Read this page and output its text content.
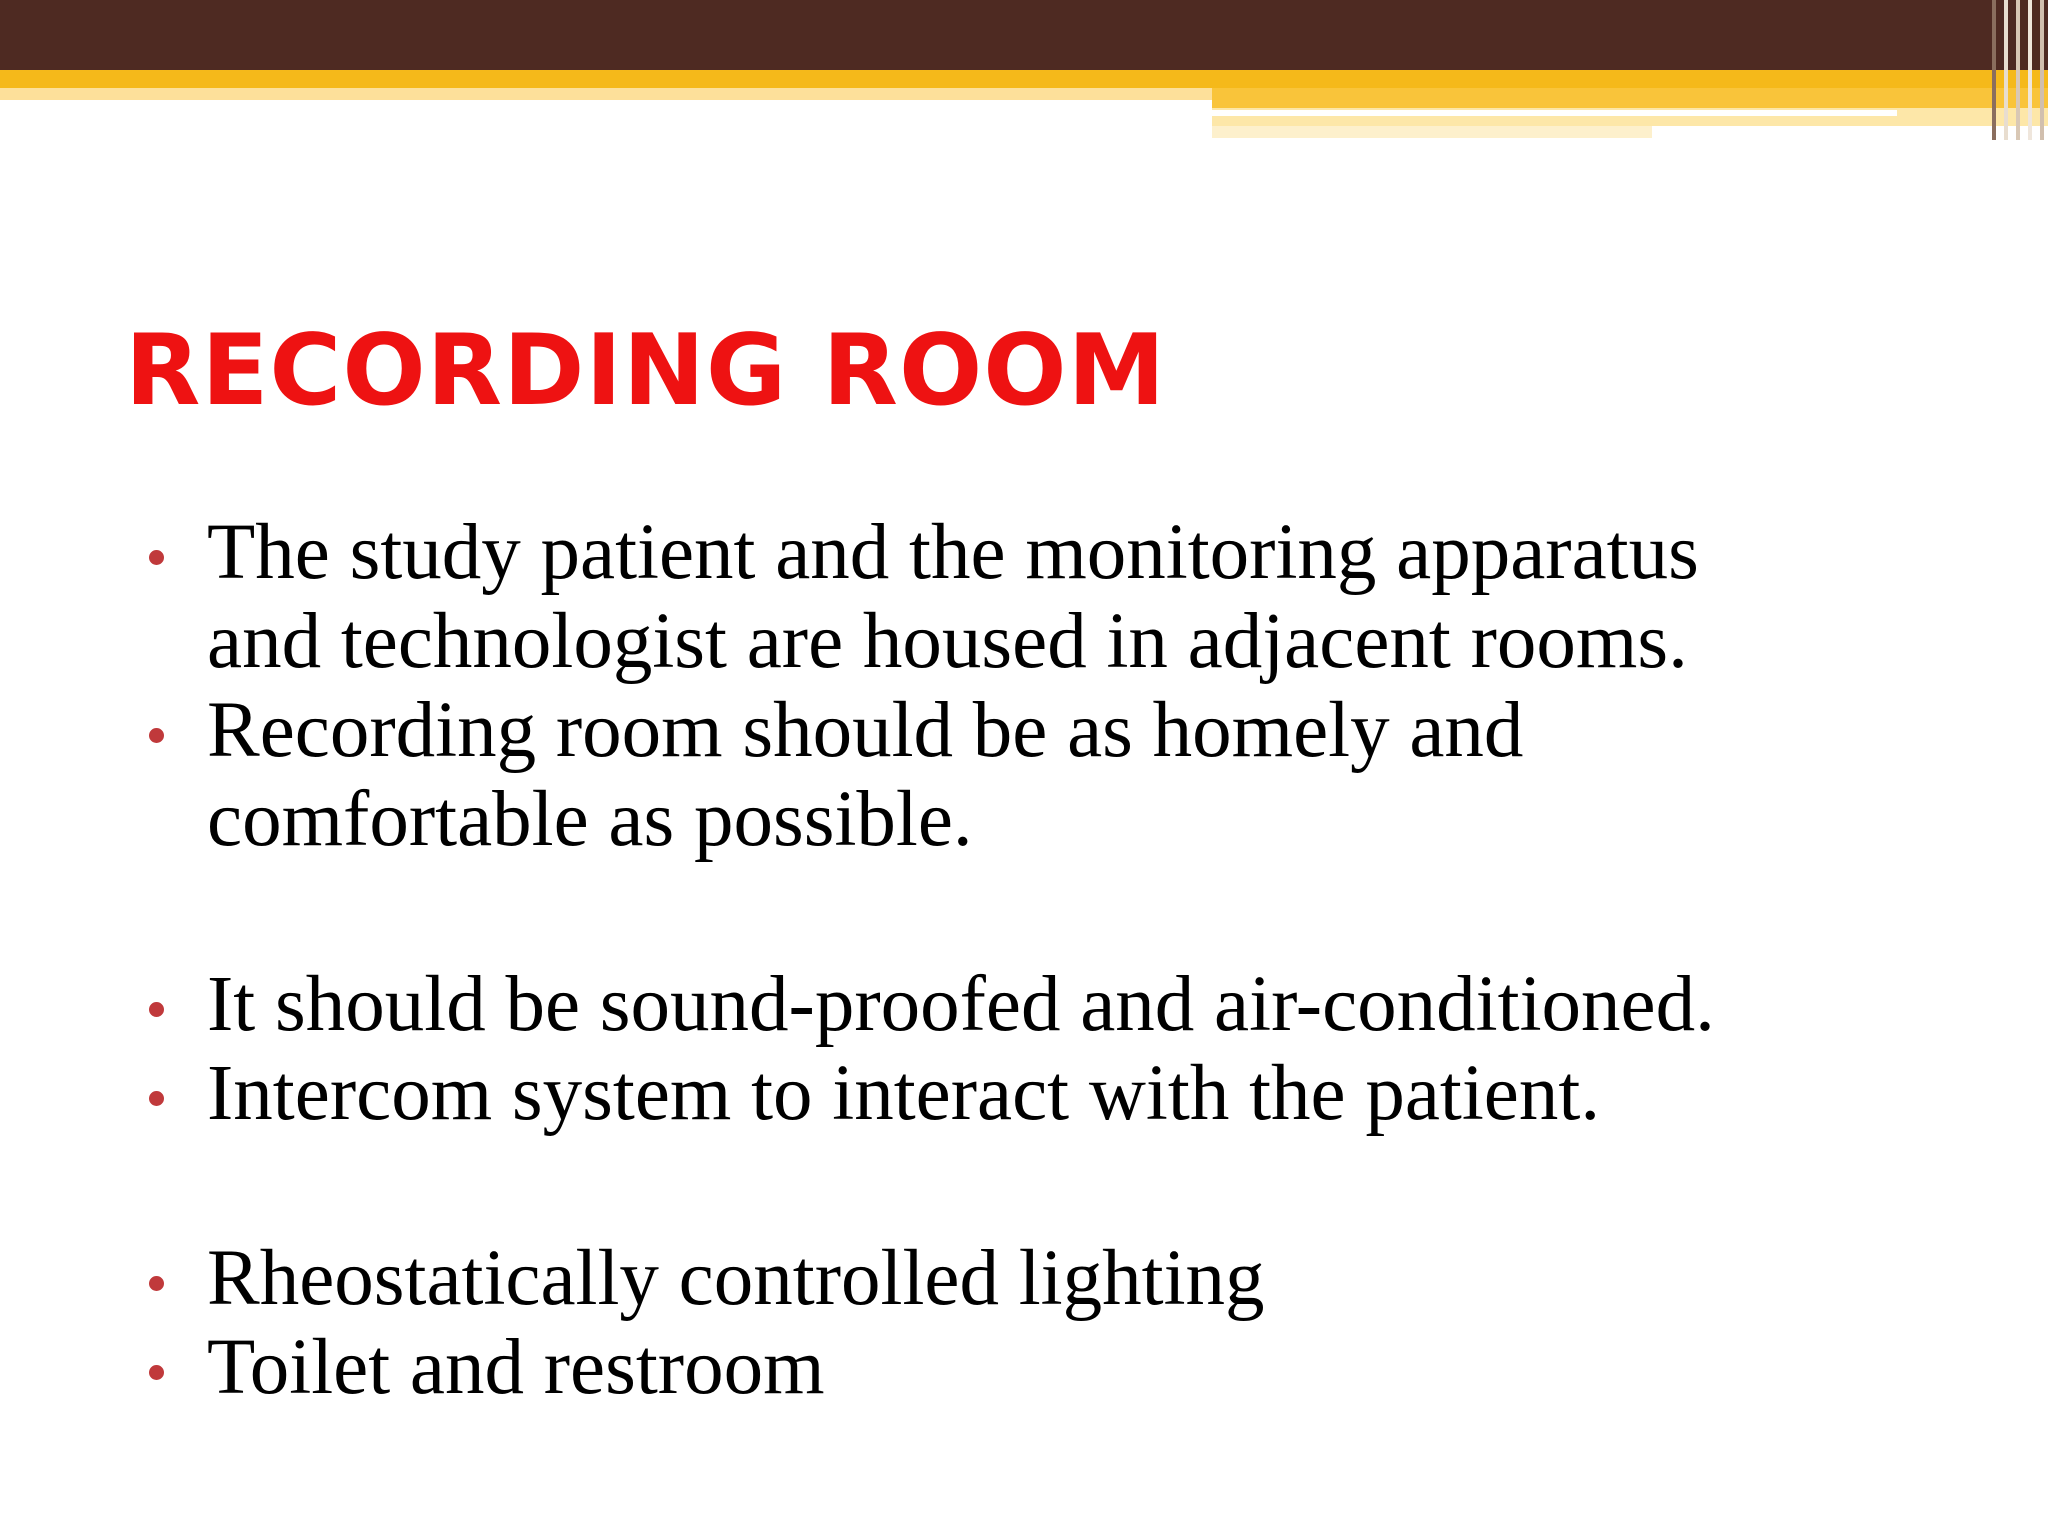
RECORDING ROOM
The study patient and the monitoring apparatus
and technologist are housed in adjacent rooms.
Recording room should be as homely and
comfortable as possible.
It should be sound-proofed and air-conditioned.
Intercom system to interact with the patient.
Rheostatically controlled lighting
Toilet and restroom
